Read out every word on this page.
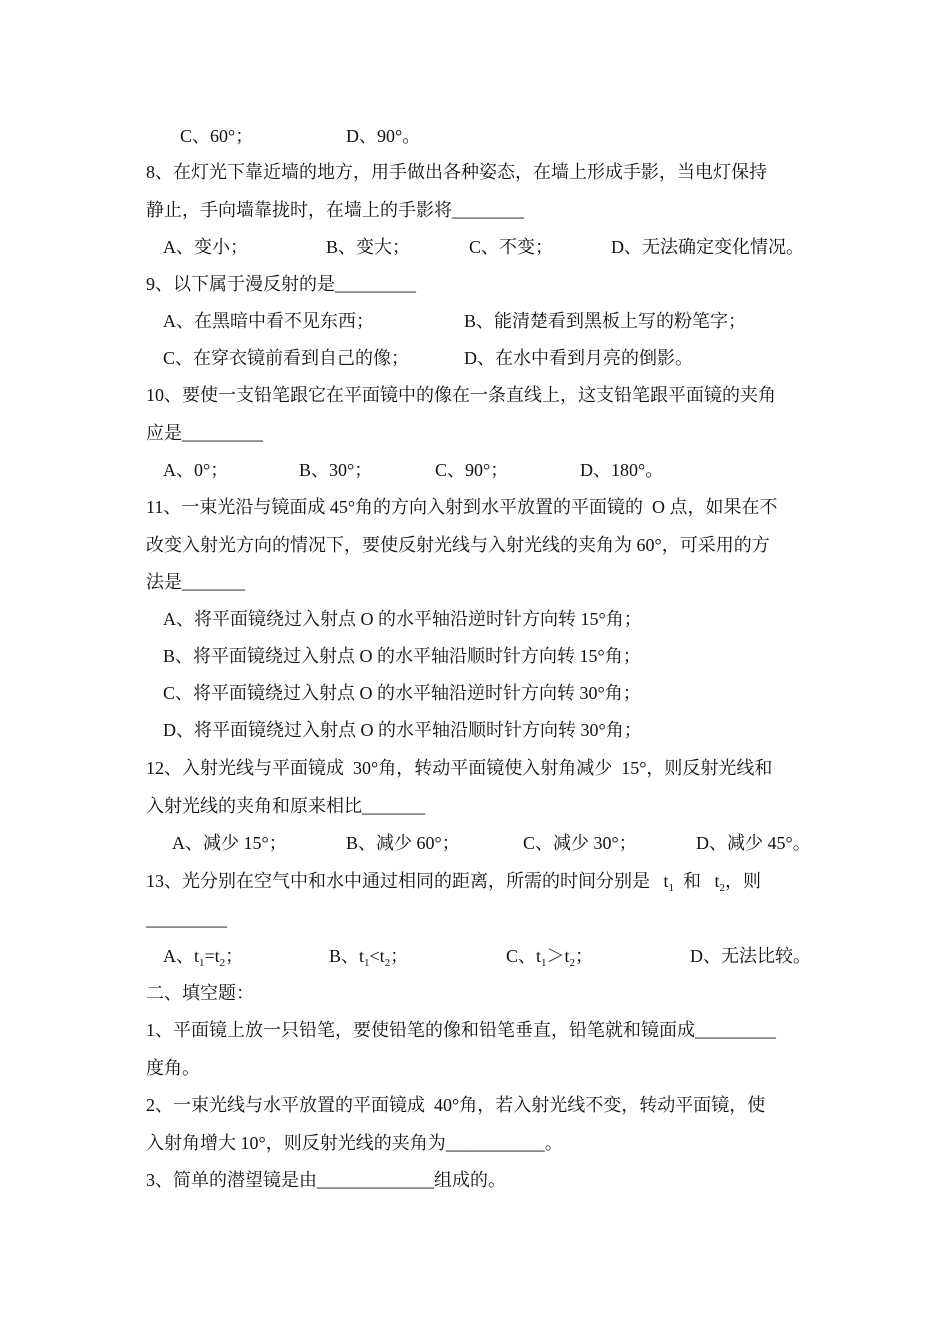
C、60°；	D、90°。
8、在灯光下靠近墙的地方，用手做出各种姿态，在墙上形成手影，当电灯保持
静止，手向墙靠拢时，在墙上的手影将________
A、变小；	B、变大；	C、不变；	D、无法确定变化情况。
9、以下属于漫反射的是_________
A、在黑暗中看不见东西；	B、能清楚看到黑板上写的粉笔字；
C、在穿衣镜前看到自己的像；	D、在水中看到月亮的倒影。
10、要使一支铅笔跟它在平面镜中的像在一条直线上，这支铅笔跟平面镜的夹角
应是_________
A、0°；	B、30°；	C、90°；	D、180°。
11、一束光沿与镜面成 45°角的方向入射到水平放置的平面镜的  O 点，如果在不
改变入射光方向的情况下，要使反射光线与入射光线的夹角为 60°，可采用的方
法是_______
A、将平面镜绕过入射点 O 的水平轴沿逆时针方向转 15°角；
B、将平面镜绕过入射点 O 的水平轴沿顺时针方向转 15°角；
C、将平面镜绕过入射点 O 的水平轴沿逆时针方向转 30°角；
D、将平面镜绕过入射点 O 的水平轴沿顺时针方向转 30°角；
12、入射光线与平面镜成  30°角，转动平面镜使入射角减少  15°，则反射光线和
入射光线的夹角和原来相比_______
A、减少 15°；	B、减少 60°；	C、减少 30°；	D、减少 45°。
13、光分别在空气中和水中通过相同的距离，所需的时间分别是   $t_1$  和   $t_2$，则
_________
A、$t_1=t_2$；	B、$t_1<t_2$；	C、$t_1>t_2$；	D、无法比较。
二、填空题：
1、平面镜上放一只铅笔，要使铅笔的像和铅笔垂直，铅笔就和镜面成_________
度角。
2、一束光线与水平放置的平面镜成  40°角，若入射光线不变，转动平面镜，使
入射角增大 10°，则反射光线的夹角为___________。
3、简单的潜望镜是由_____________组成的。
